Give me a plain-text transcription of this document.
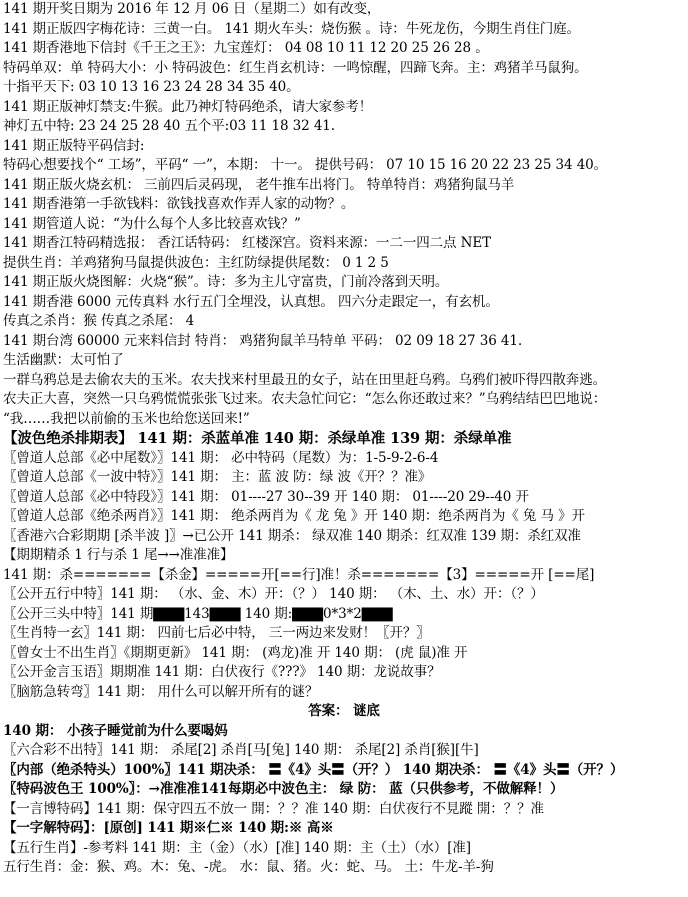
141 期开奖日期为 2016 年 12 月 06 日（星期二）如有改变，
141 期正版四字梅花诗：三黄一白。 141 期火车头：烧伤猴 。诗：牛死龙伤，今期生肖住门庭。
141 期香港地下信封《千王之王》：九宝莲灯： 04 08 10 11 12 20 25 26 28 。
特码单双：单 特码大小：小 特码波色：红生肖玄机诗：一鸣惊醒，四蹄飞奔。主：鸡猪羊马鼠狗。
十指平天下: 03 10 13 16 23 24 28 34 35 40。
141 期正版神灯禁支:牛猴。此乃神灯特码绝杀，请大家参考！
神灯五中特: 23 24 25 28 40 五个平:03 11 18 32 41.
141 期正版特平码信封:
特码心想要找个“ 工场”，平码“ 一”，本期： 十一。 提供号码： 07 10 15 16 20 22 23 25 34 40。
141 期正版火烧玄机： 三前四后灵码现， 老牛推车出将门。 特单特肖：鸡猪狗鼠马羊
141 期香港第一手欲钱料：欲钱找喜欢作弄人家的动物？。
141 期管道人说：“为什么每个人多比较喜欢钱？”
141 期香江特码精选报： 香江话特码： 红楼深宫。资料来源：一二一四二点 NET
提供生肖：羊鸡猪狗马鼠提供波色：主红防绿提供尾数： 0 1 2 5
141 期正版火烧图解：火烧“猴”。诗：多为主儿守富贵，门前冷落到天明。
141 期香港 6000 元传真料 水行五门全埋没，认真想。 四六分走跟定一，有玄机。
传真之杀肖：猴 传真之杀尾： 4
141 期台湾 60000 元来料信封 特肖： 鸡猪狗鼠羊马特单 平码： 02 09 18 27 36 41.
生活幽默：太可怕了
一群乌鸦总是去偷农夫的玉米。农夫找来村里最丑的女子，站在田里赶乌鸦。乌鸦们被吓得四散奔逃。
农夫正大喜，突然一只乌鸦慌慌张张飞过来。农夫急忙问它：“怎么你还敢过来？”乌鸦结结巴巴地说：
“我……我把以前偷的玉米也给您送回来!”
【波色绝杀排期表】 141 期：杀蓝单准 140 期：杀绿单准 139 期：杀绿单准
〖曾道人总部《必中尾数》〗141 期： 必中特码（尾数）为：1-5-9-2-6-4
〖曾道人总部《一波中特》〗141 期： 主：蓝 波 防：绿 波《开？？准》
〖曾道人总部《必中特段》〗141 期： 01----27 30--39 开 140 期： 01----20 29--40 开
〖曾道人总部《绝杀两肖》〗141 期： 绝杀两肖为《 龙 兔 》开 140 期：绝杀两肖为《 兔 马 》开
〖香港六合彩期期 [杀半波 ]〗→已公开 141 期杀： 绿双准 140 期杀：红双准 139 期：杀红双准
【期期精杀 1 行与杀 1 尾→→准准准】
141 期：杀=======【杀金】=====开[==行]准！杀=======【3】=====开 [==尾]
〖公开五行中特〗141 期： （水、金、木）开：（？） 140 期： （木、土、水）开：（？）
〖公开三头中特〗141 期▇▇▇143▇▇▇ 140 期:▇▇▇0*3*2▇▇▇
〖生肖特一玄〗141 期： 四前七后必中特， 三一两边来发财！〖开？〗
〖曾女士不出生肖〗《期期更新》 141 期： (鸡龙)准 开 140 期： (虎 鼠)准 开
〖公开金言玉语〗期期准 141 期：白伏夜行《???》 140 期：龙说故事？
〖脑筋急转弯〗141 期： 用什么可以解开所有的谜？
答案： 谜底
140 期： 小孩子睡觉前为什么要喝妈
〖六合彩不出特〗141 期： 杀尾[2] 杀肖[马[兔] 140 期： 杀尾[2] 杀肖[猴][牛]
〖内部（绝杀特头）100%〗141 期决杀： 〓《4》头〓（开？） 140 期决杀： 〓《4》头〓（开？）
〖特码波色王 100%〗：→准准准141每期必中波色主： 绿 防： 蓝（只供参考，不做解释！）
【一言博特码】141 期：保守四五不放一 開：？？准 140 期：白伏夜行不見蹤 開：？？准
【一字解特码】：[原创] 141 期※仁※ 140 期:※ 高※
【五行生肖】-参考料 141 期：主（金）（水）[准] 140 期：主（土）（水）[准]
五行生肖：金：猴、鸡。木：兔、-虎。 水：鼠、猪。火：蛇、马。 土：牛龙-羊-狗
